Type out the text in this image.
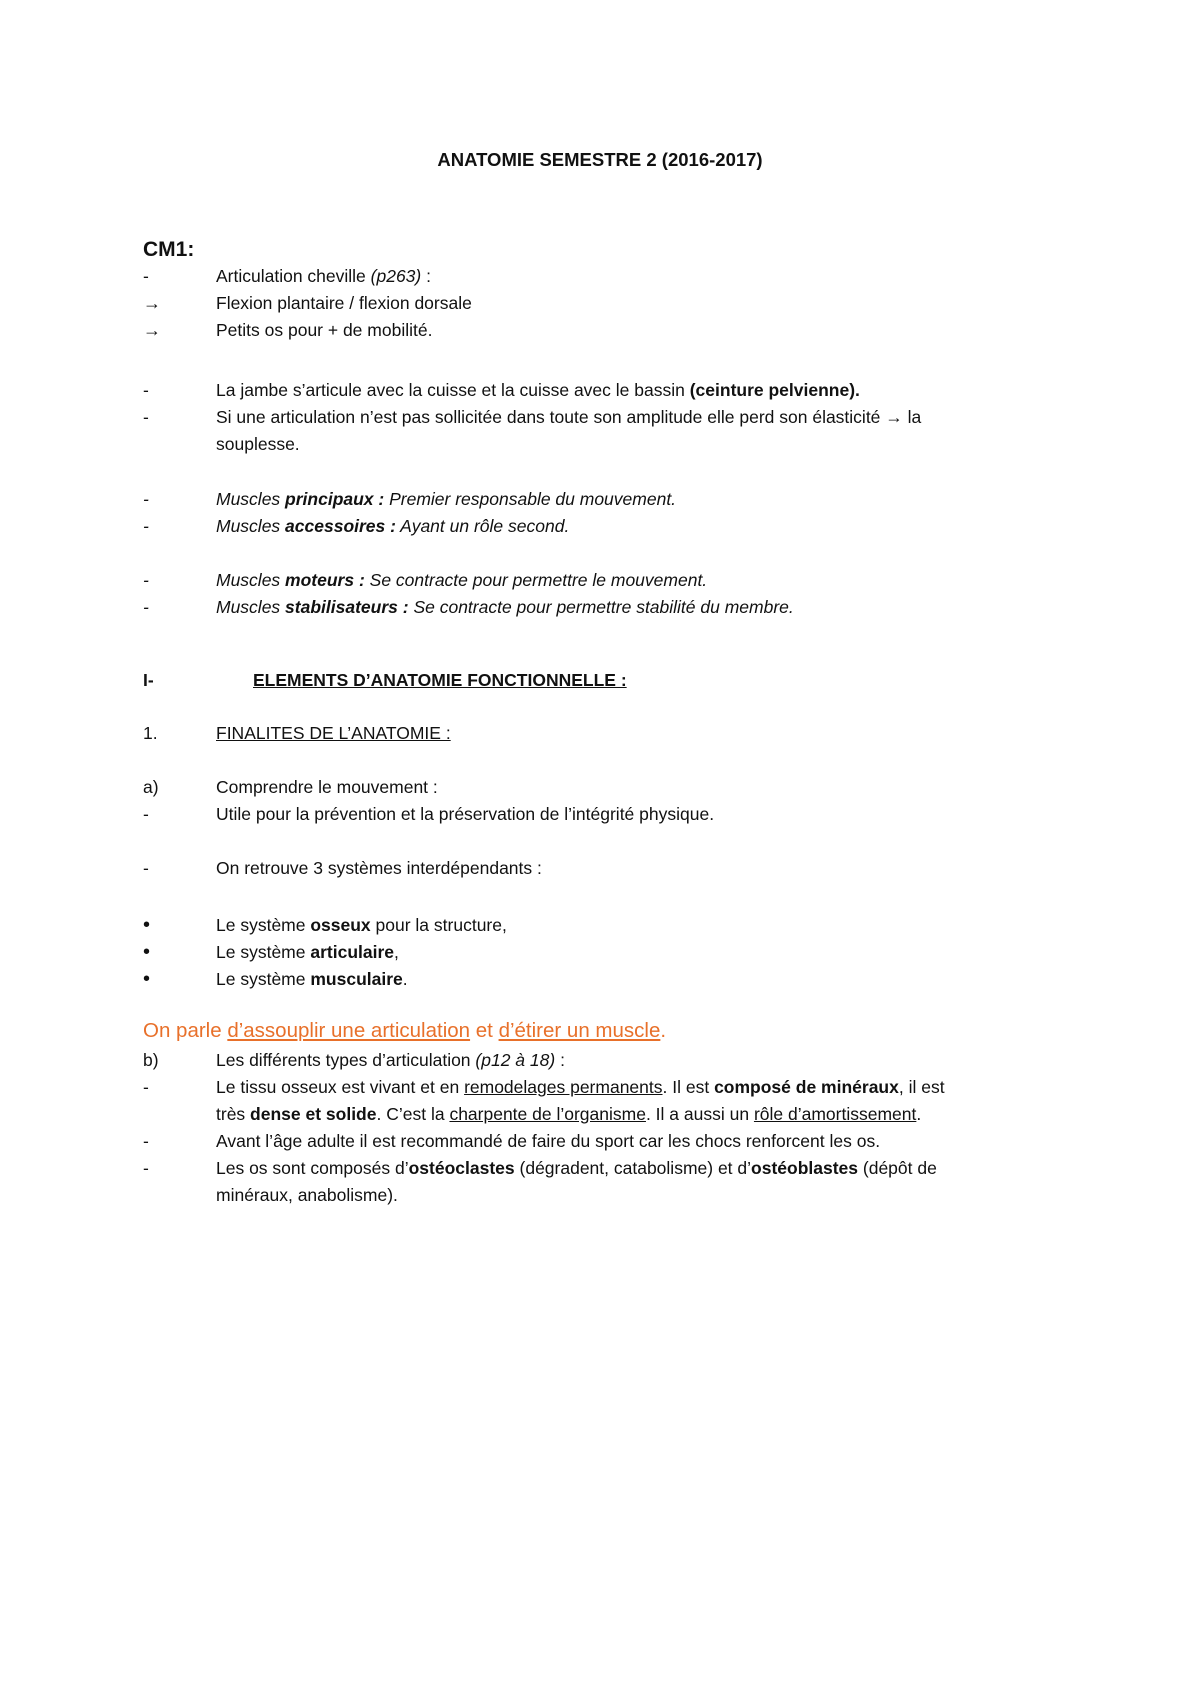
ANATOMIE SEMESTRE 2 (2016-2017)
CM1:
-	Articulation cheville (p263) :
→	Flexion plantaire / flexion dorsale
→	Petits os pour + de mobilité.
-	La jambe s’articule avec la cuisse et la cuisse avec le bassin (ceinture pelvienne).
-	Si une articulation n’est pas sollicitée dans toute son amplitude elle perd son élasticité → la
souplesse.
-	Muscles principaux : Premier responsable du mouvement.
-	Muscles accessoires : Ayant un rôle second.
-	Muscles moteurs : Se contracte pour permettre le mouvement.
-	Muscles stabilisateurs : Se contracte pour permettre stabilité du membre.
I-	ELEMENTS D’ANATOMIE FONCTIONNELLE :
1.	FINALITES DE L’ANATOMIE :
a)	Comprendre le mouvement :
-	Utile pour la prévention et la préservation de l’intégrité physique.
-	On retrouve 3 systèmes interdépendants :
•	Le système osseux pour la structure,
•	Le système articulaire,
•	Le système musculaire.
On parle d’assouplir une articulation et d’étirer un muscle.
b)	Les différents types d’articulation (p12 à 18) :
-	Le tissu osseux est vivant et en remodelages permanents. Il est composé de minéraux, il est
très dense et solide. C’est la charpente de l’organisme. Il a aussi un rôle d’amortissement.
-	Avant l’âge adulte il est recommandé de faire du sport car les chocs renforcent les os.
-	Les os sont composés d’ostéoclastes (dégradent, catabolisme) et d’ostéoblastes (dépôt de
minéraux, anabolisme).
